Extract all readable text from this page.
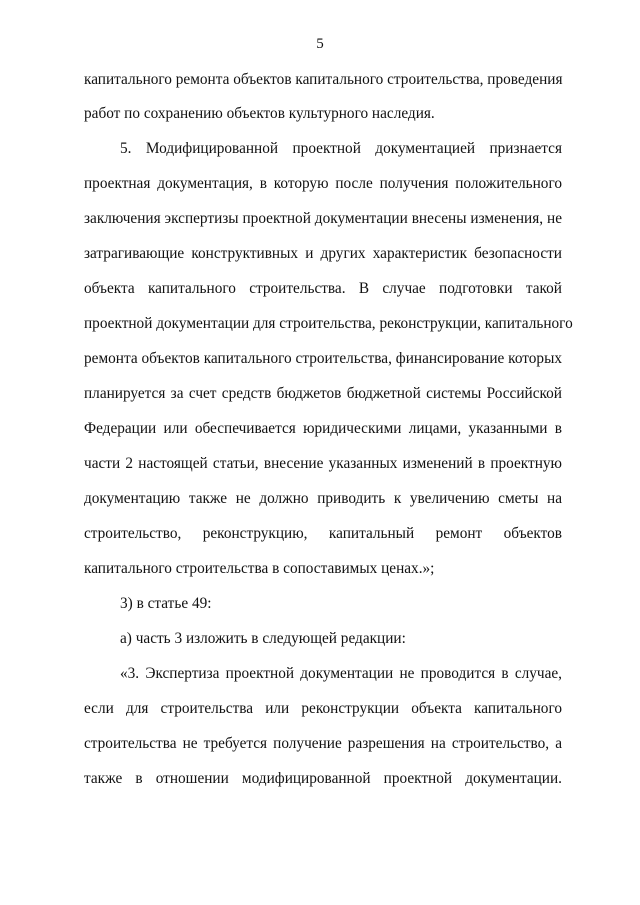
5
капитального ремонта объектов капитального строительства, проведения
работ по сохранению объектов культурного наследия.
5. Модифицированной проектной документацией признается
проектная документация, в которую после получения положительного
заключения экспертизы проектной документации внесены изменения, не
затрагивающие конструктивных и других характеристик безопасности
объекта капитального строительства. В случае подготовки такой
проектной документации для строительства, реконструкции, капитального
ремонта объектов капитального строительства, финансирование которых
планируется за счет средств бюджетов бюджетной системы Российской
Федерации или обеспечивается юридическими лицами, указанными в
части 2 настоящей статьи, внесение указанных изменений в проектную
документацию также не должно приводить к увеличению сметы на
строительство, реконструкцию, капитальный ремонт объектов
капитального строительства в сопоставимых ценах.»;
3) в статье 49:
а) часть 3 изложить в следующей редакции:
«3. Экспертиза проектной документации не проводится в случае,
если для строительства или реконструкции объекта капитального
строительства не требуется получение разрешения на строительство, а
также в отношении модифицированной проектной документации.
